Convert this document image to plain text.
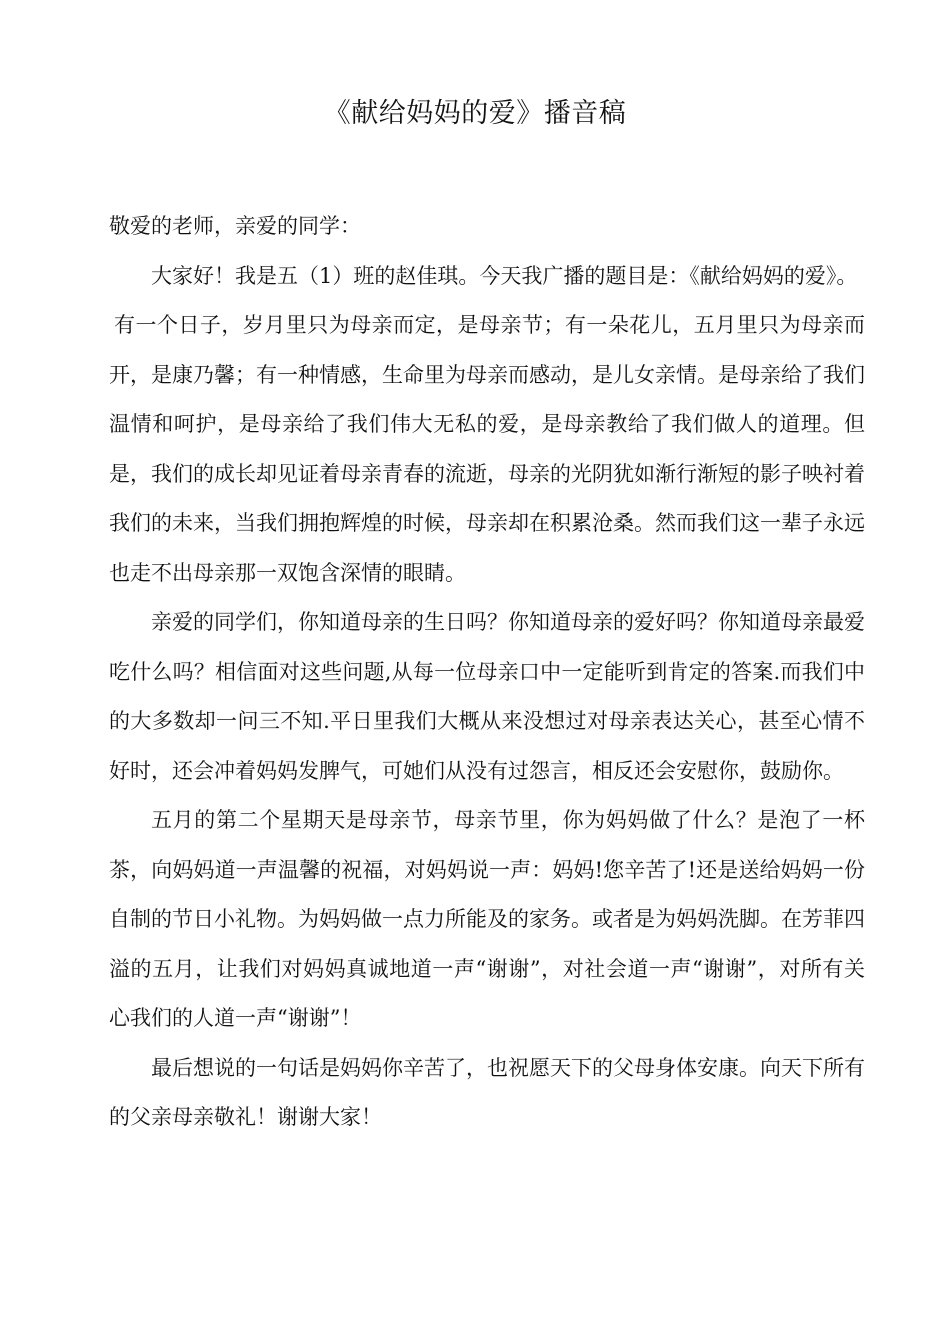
《献给妈妈的爱》播音稿

敬爱的老师，亲爱的同学：

大家好！我是五（1）班的赵佳琪。今天我广播的题目是：《献给妈妈的爱》。

有一个日子，岁月里只为母亲而定，是母亲节；有一朵花儿，五月里只为母亲而开，是康乃馨；有一种情感，生命里为母亲而感动，是儿女亲情。是母亲给了我们温情和呵护，是母亲给了我们伟大无私的爱，是母亲教给了我们做人的道理。但是，我们的成长却见证着母亲青春的流逝，母亲的光阴犹如渐行渐短的影子映衬着我们的未来，当我们拥抱辉煌的时候，母亲却在积累沧桑。然而我们这一辈子永远也走不出母亲那一双饱含深情的眼睛。

亲爱的同学们，你知道母亲的生日吗？你知道母亲的爱好吗？你知道母亲最爱吃什么吗？相信面对这些问题,从每一位母亲口中一定能听到肯定的答案.而我们中的大多数却一问三不知.平日里我们大概从来没想过对母亲表达关心，甚至心情不好时，还会冲着妈妈发脾气，可她们从没有过怨言，相反还会安慰你，鼓励你。

五月的第二个星期天是母亲节，母亲节里，你为妈妈做了什么？是泡了一杯茶，向妈妈道一声温馨的祝福，对妈妈说一声：妈妈!您辛苦了!还是送给妈妈一份自制的节日小礼物。为妈妈做一点力所能及的家务。或者是为妈妈洗脚。在芳菲四溢的五月，让我们对妈妈真诚地道一声“谢谢”，对社会道一声“谢谢”，对所有关心我们的人道一声“谢谢”！

最后想说的一句话是妈妈你辛苦了，也祝愿天下的父母身体安康。向天下所有的父亲母亲敬礼！谢谢大家！
